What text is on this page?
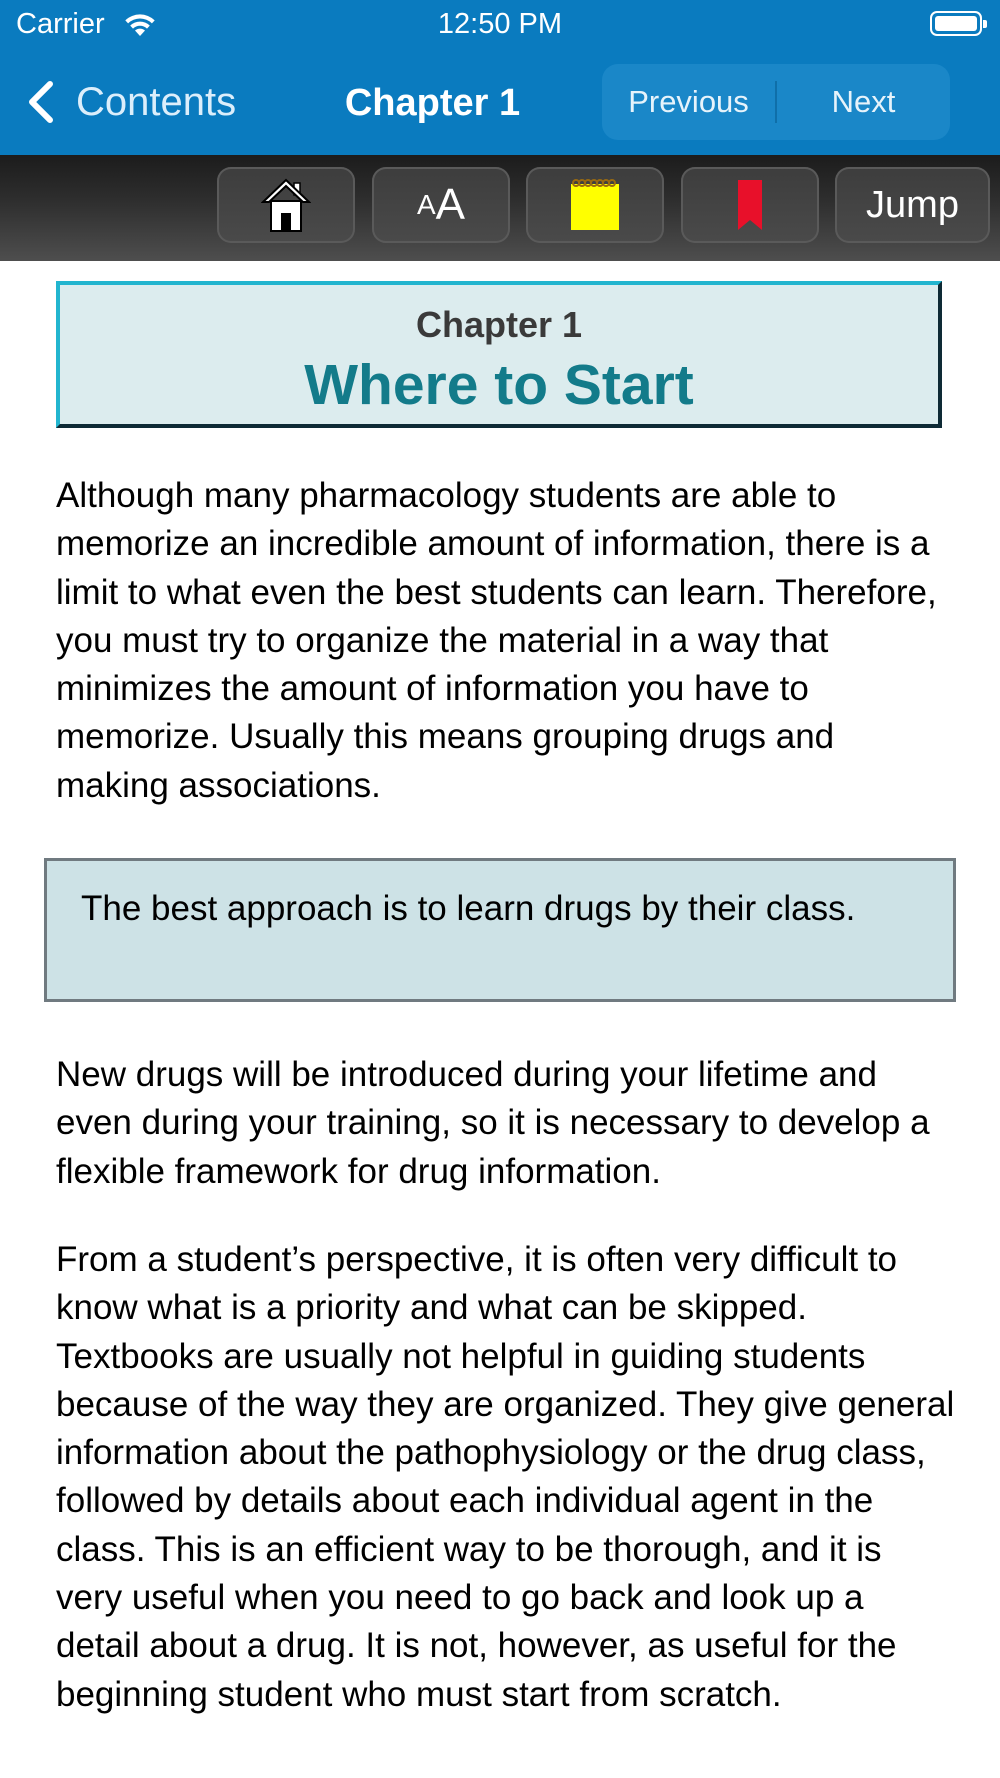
Carrier	12:50 PM
Contents	Chapter 1	Previous	Next
A A	Jump
Chapter 1
Where to Start
Although many pharmacology students are able to memorize an incredible amount of information, there is a limit to what even the best students can learn. Therefore, you must try to organize the material in a way that minimizes the amount of information you have to memorize. Usually this means grouping drugs and making associations.
The best approach is to learn drugs by their class.
New drugs will be introduced during your lifetime and even during your training, so it is necessary to develop a flexible framework for drug information.
From a student’s perspective, it is often very difficult to know what is a priority and what can be skipped. Textbooks are usually not helpful in guiding students because of the way they are organized. They give general information about the pathophysiology or the drug class, followed by details about each individual agent in the class. This is an efficient way to be thorough, and it is very useful when you need to go back and look up a detail about a drug. It is not, however, as useful for the beginning student who must start from scratch.
